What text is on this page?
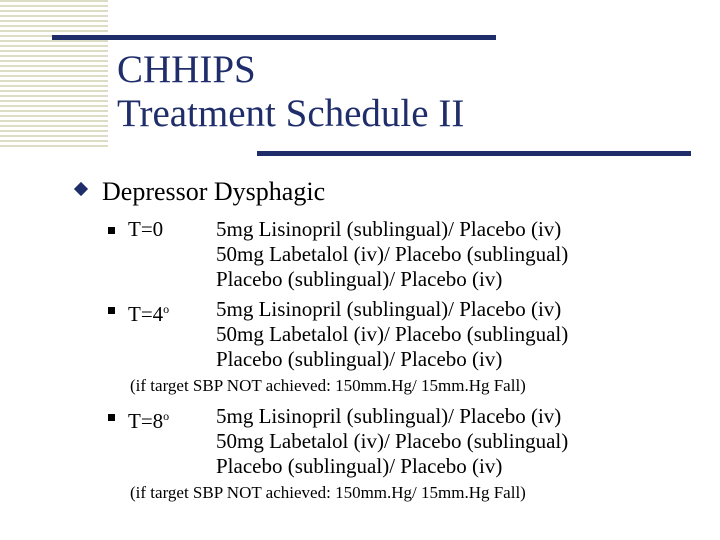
CHHIPS
Treatment Schedule II
Depressor Dysphagic
T=0	5mg Lisinopril (sublingual)/ Placebo (iv)
50mg Labetalol (iv)/ Placebo (sublingual)
Placebo (sublingual)/ Placebo (iv)
$T=4^o$ 5mg Lisinopril (sublingual)/ Placebo (iv)
50mg Labetalol (iv)/ Placebo (sublingual)
Placebo (sublingual)/ Placebo (iv)
(if target SBP NOT achieved: 150mm.Hg/ 15mm.Hg Fall)
$T=8^o$ 5mg Lisinopril (sublingual)/ Placebo (iv)
50mg Labetalol (iv)/ Placebo (sublingual)
Placebo (sublingual)/ Placebo (iv)
(if target SBP NOT achieved: 150mm.Hg/ 15mm.Hg Fall)
